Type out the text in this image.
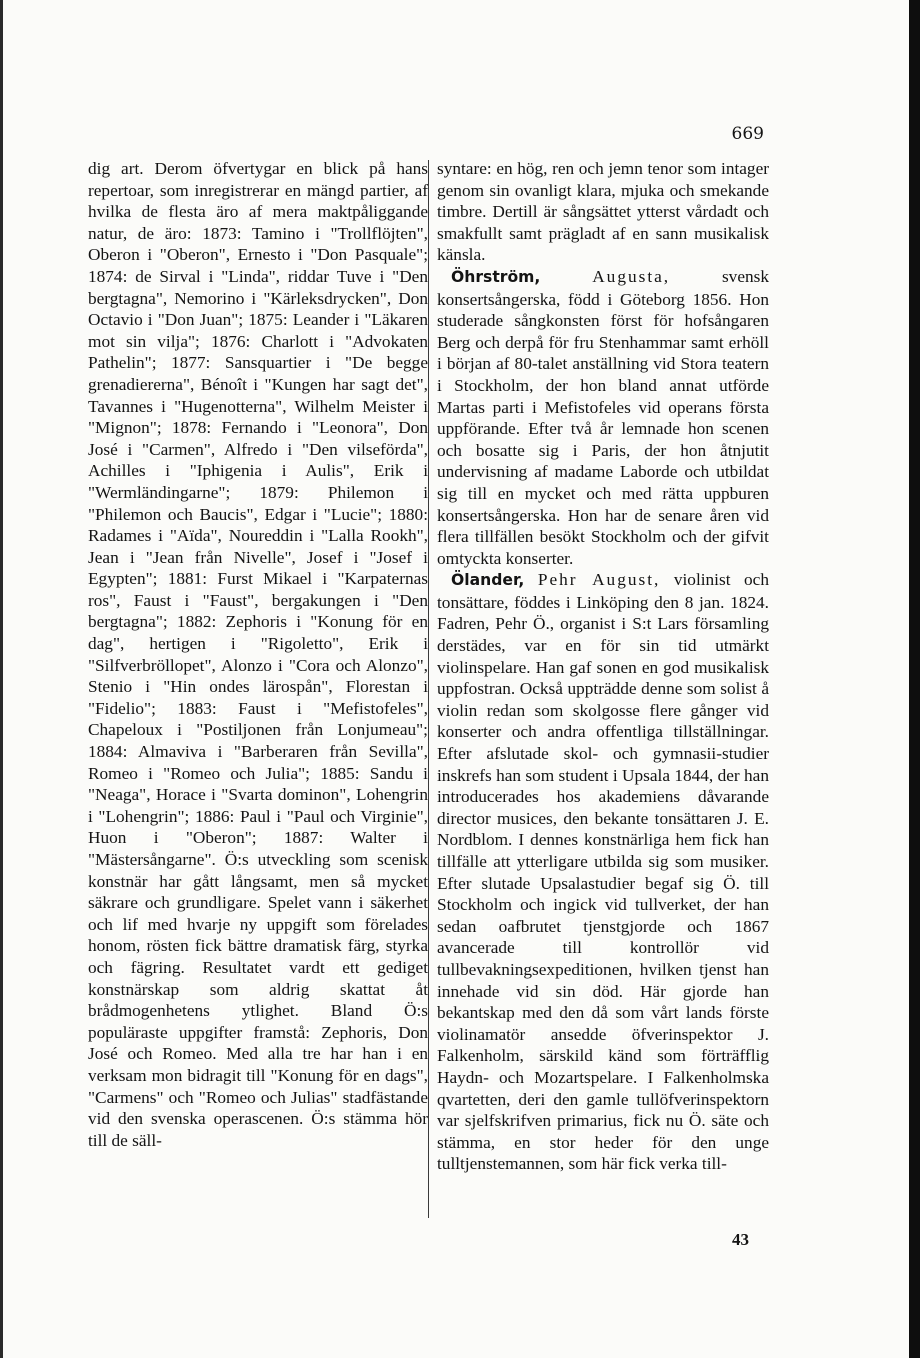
669

dig art. Derom öfvertygar en blick på hans repertoar, som inregistrerar en mängd partier, af hvilka de flesta äro af mera maktpåliggande natur, de äro: 1873: Tamino i "Trollflöjten", Oberon i "Oberon", Ernesto i "Don Pasquale"; 1874: de Sirval i "Linda", riddar Tuve i "Den bergtagna", Nemorino i "Kärleksdrycken", Don Octavio i "Don Juan"; 1875: Leander i "Läkaren mot sin vilja"; 1876: Charlott i "Advokaten Pathelin"; 1877: Sansquartier i "De begge grenadiererna", Bénoît i "Kungen har sagt det", Tavannes i "Hugenotterna", Wilhelm Meister i "Mignon"; 1878: Fernando i "Leonora", Don José i "Carmen", Alfredo i "Den vilseförda", Achilles i "Iphigenia i Aulis", Erik i "Wermländingarne"; 1879: Philemon i "Philemon och Baucis", Edgar i "Lucie"; 1880: Radames i "Aïda", Noureddin i "Lalla Rookh", Jean i "Jean från Nivelle", Josef i "Josef i Egypten"; 1881: Furst Mikael i "Karpaternas ros", Faust i "Faust", bergakungen i "Den bergtagna"; 1882: Zephoris i "Konung för en dag", hertigen i "Rigoletto", Erik i "Silfverbröllopet", Alonzo i "Cora och Alonzo", Stenio i "Hin ondes lärospån", Florestan i "Fidelio"; 1883: Faust i "Mefistofeles", Chapeloux i "Postiljonen från Lonjumeau"; 1884: Almaviva i "Barberaren från Sevilla", Romeo i "Romeo och Julia"; 1885: Sandu i "Neaga", Horace i "Svarta dominon", Lohengrin i "Lohengrin"; 1886: Paul i "Paul och Virginie", Huon i "Oberon"; 1887: Walter i "Mästersångarne". Ö:s utveckling som scenisk konstnär har gått långsamt, men så mycket säkrare och grundligare. Spelet vann i säkerhet och lif med hvarje ny uppgift som förelades honom, rösten fick bättre dramatisk färg, styrka och fägring. Resultatet vardt ett gediget konstnärskap som aldrig skattat åt brådmogenhetens ytlighet. Bland Ö:s populäraste uppgifter framstå: Zephoris, Don José och Romeo. Med alla tre har han i en verksam mon bidragit till "Konung för en dags", "Carmens" och "Romeo och Julias" stadfästande vid den svenska operascenen. Ö:s stämma hör till de säll-

syntare: en hög, ren och jemn tenor som intager genom sin ovanligt klara, mjuka och smekande timbre. Dertill är sångsättet ytterst vårdadt och smakfullt samt prägladt af en sann musikalisk känsla.

Öhrström,	Augusta,	svensk konsertsångerska, född i Göteborg 1856. Hon studerade sångkonsten först för hofsångaren Berg och derpå för fru Stenhammar samt erhöll i början af 80-talet anställning vid Stora teatern i Stockholm, der hon bland annat utförde Martas parti i Mefistofeles vid operans första uppförande. Efter två år lemnade hon scenen och bosatte sig i Paris, der hon åtnjutit undervisning af madame Laborde och utbildat sig till en mycket och med rätta uppburen konsertsångerska. Hon har de senare åren vid flera tillfällen besökt Stockholm och der gifvit omtyckta konserter.

Ölander, Pehr August, violinist och tonsättare, föddes i Linköping den 8 jan. 1824. Fadren, Pehr Ö., organist i S:t Lars församling derstädes, var en för sin tid utmärkt violinspelare. Han gaf sonen en god musikalisk uppfostran. Också uppträdde denne som solist å violin redan som skolgosse flere gånger vid konserter och andra offentliga tillställningar. Efter afslutade skol- och gymnasii-studier inskrefs han som student i Upsala 1844, der han introducerades hos akademiens dåvarande director musices, den bekante tonsättaren J. E. Nordblom. I dennes konstnärliga hem fick han tillfälle att ytterligare utbilda sig som musiker. Efter slutade Upsalastudier begaf sig Ö. till Stockholm och ingick vid tullverket, der han sedan oafbrutet tjenstgjorde och 1867 avancerade till kontrollör vid tullbevakningsexpeditionen, hvilken tjenst han innehade vid sin död. Här gjorde han bekantskap med den då som vårt lands förste violinamatör ansedde öfverinspektor J. Falkenholm, särskild känd som förträfflig Haydn- och Mozartspelare. I Falkenholmska qvartetten, deri den gamle tullöfverinspektorn var sjelfskrifven primarius, fick nu Ö. säte och stämma, en stor heder för den unge tulltjenstemannen, som här fick verka till-

43
